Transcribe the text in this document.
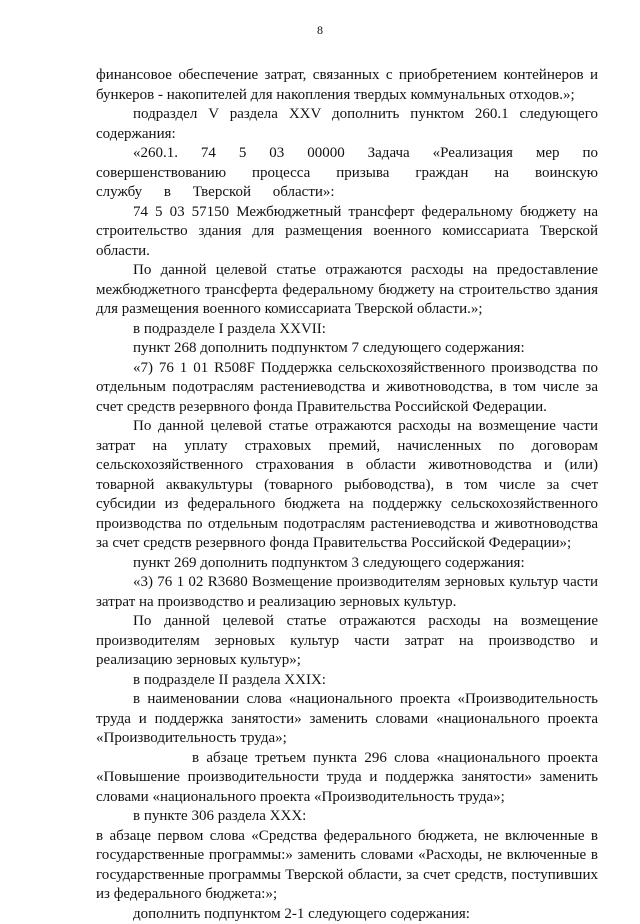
8

финансовое обеспечение затрат, связанных с приобретением контейнеров и бункеров - накопителей для накопления твердых коммунальных отходов.»;

подраздел V раздела XXV дополнить пунктом 260.1 следующего содержания:

«260.1. 74 5 03 00000 Задача «Реализация мер по совершенствованию процесса призыва граждан на воинскую службу в Тверской области»:

74 5 03 57150 Межбюджетный трансферт федеральному бюджету на строительство здания для размещения военного комиссариата Тверской области.

По данной целевой статье отражаются расходы на предоставление межбюджетного трансферта федеральному бюджету на строительство здания для размещения военного комиссариата Тверской области.»;

в подразделе I раздела XXVII:

пункт 268 дополнить подпунктом 7 следующего содержания:

«7) 76 1 01 R508F Поддержка сельскохозяйственного производства по отдельным подотраслям растениеводства и животноводства, в том числе за счет средств резервного фонда Правительства Российской Федерации.

По данной целевой статье отражаются расходы на возмещение части затрат на уплату страховых премий, начисленных по договорам сельскохозяйственного страхования в области животноводства и (или) товарной аквакультуры (товарного рыбоводства), в том числе за счет субсидии из федерального бюджета на поддержку сельскохозяйственного производства по отдельным подотраслям растениеводства и животноводства за счет средств резервного фонда Правительства Российской Федерации»;

пункт 269 дополнить подпунктом 3 следующего содержания:

«3) 76 1 02 R3680 Возмещение производителям зерновых культур части затрат на производство и реализацию зерновых культур.

По данной целевой статье отражаются расходы на возмещение производителям зерновых культур части затрат на производство и реализацию зерновых культур»;

в подразделе II раздела XXIX:

в наименовании слова «национального проекта «Производительность труда и поддержка занятости» заменить словами «национального проекта «Производительность труда»;

в абзаце третьем пункта 296 слова «национального проекта «Повышение производительности труда и поддержка занятости» заменить словами «национального проекта «Производительность труда»;

в пункте 306 раздела XXX:

в абзаце первом слова «Средства федерального бюджета, не включенные в государственные программы:» заменить словами «Расходы, не включенные в государственные программы Тверской области, за счет средств, поступивших из федерального бюджета:»;

дополнить подпунктом 2-1 следующего содержания:
